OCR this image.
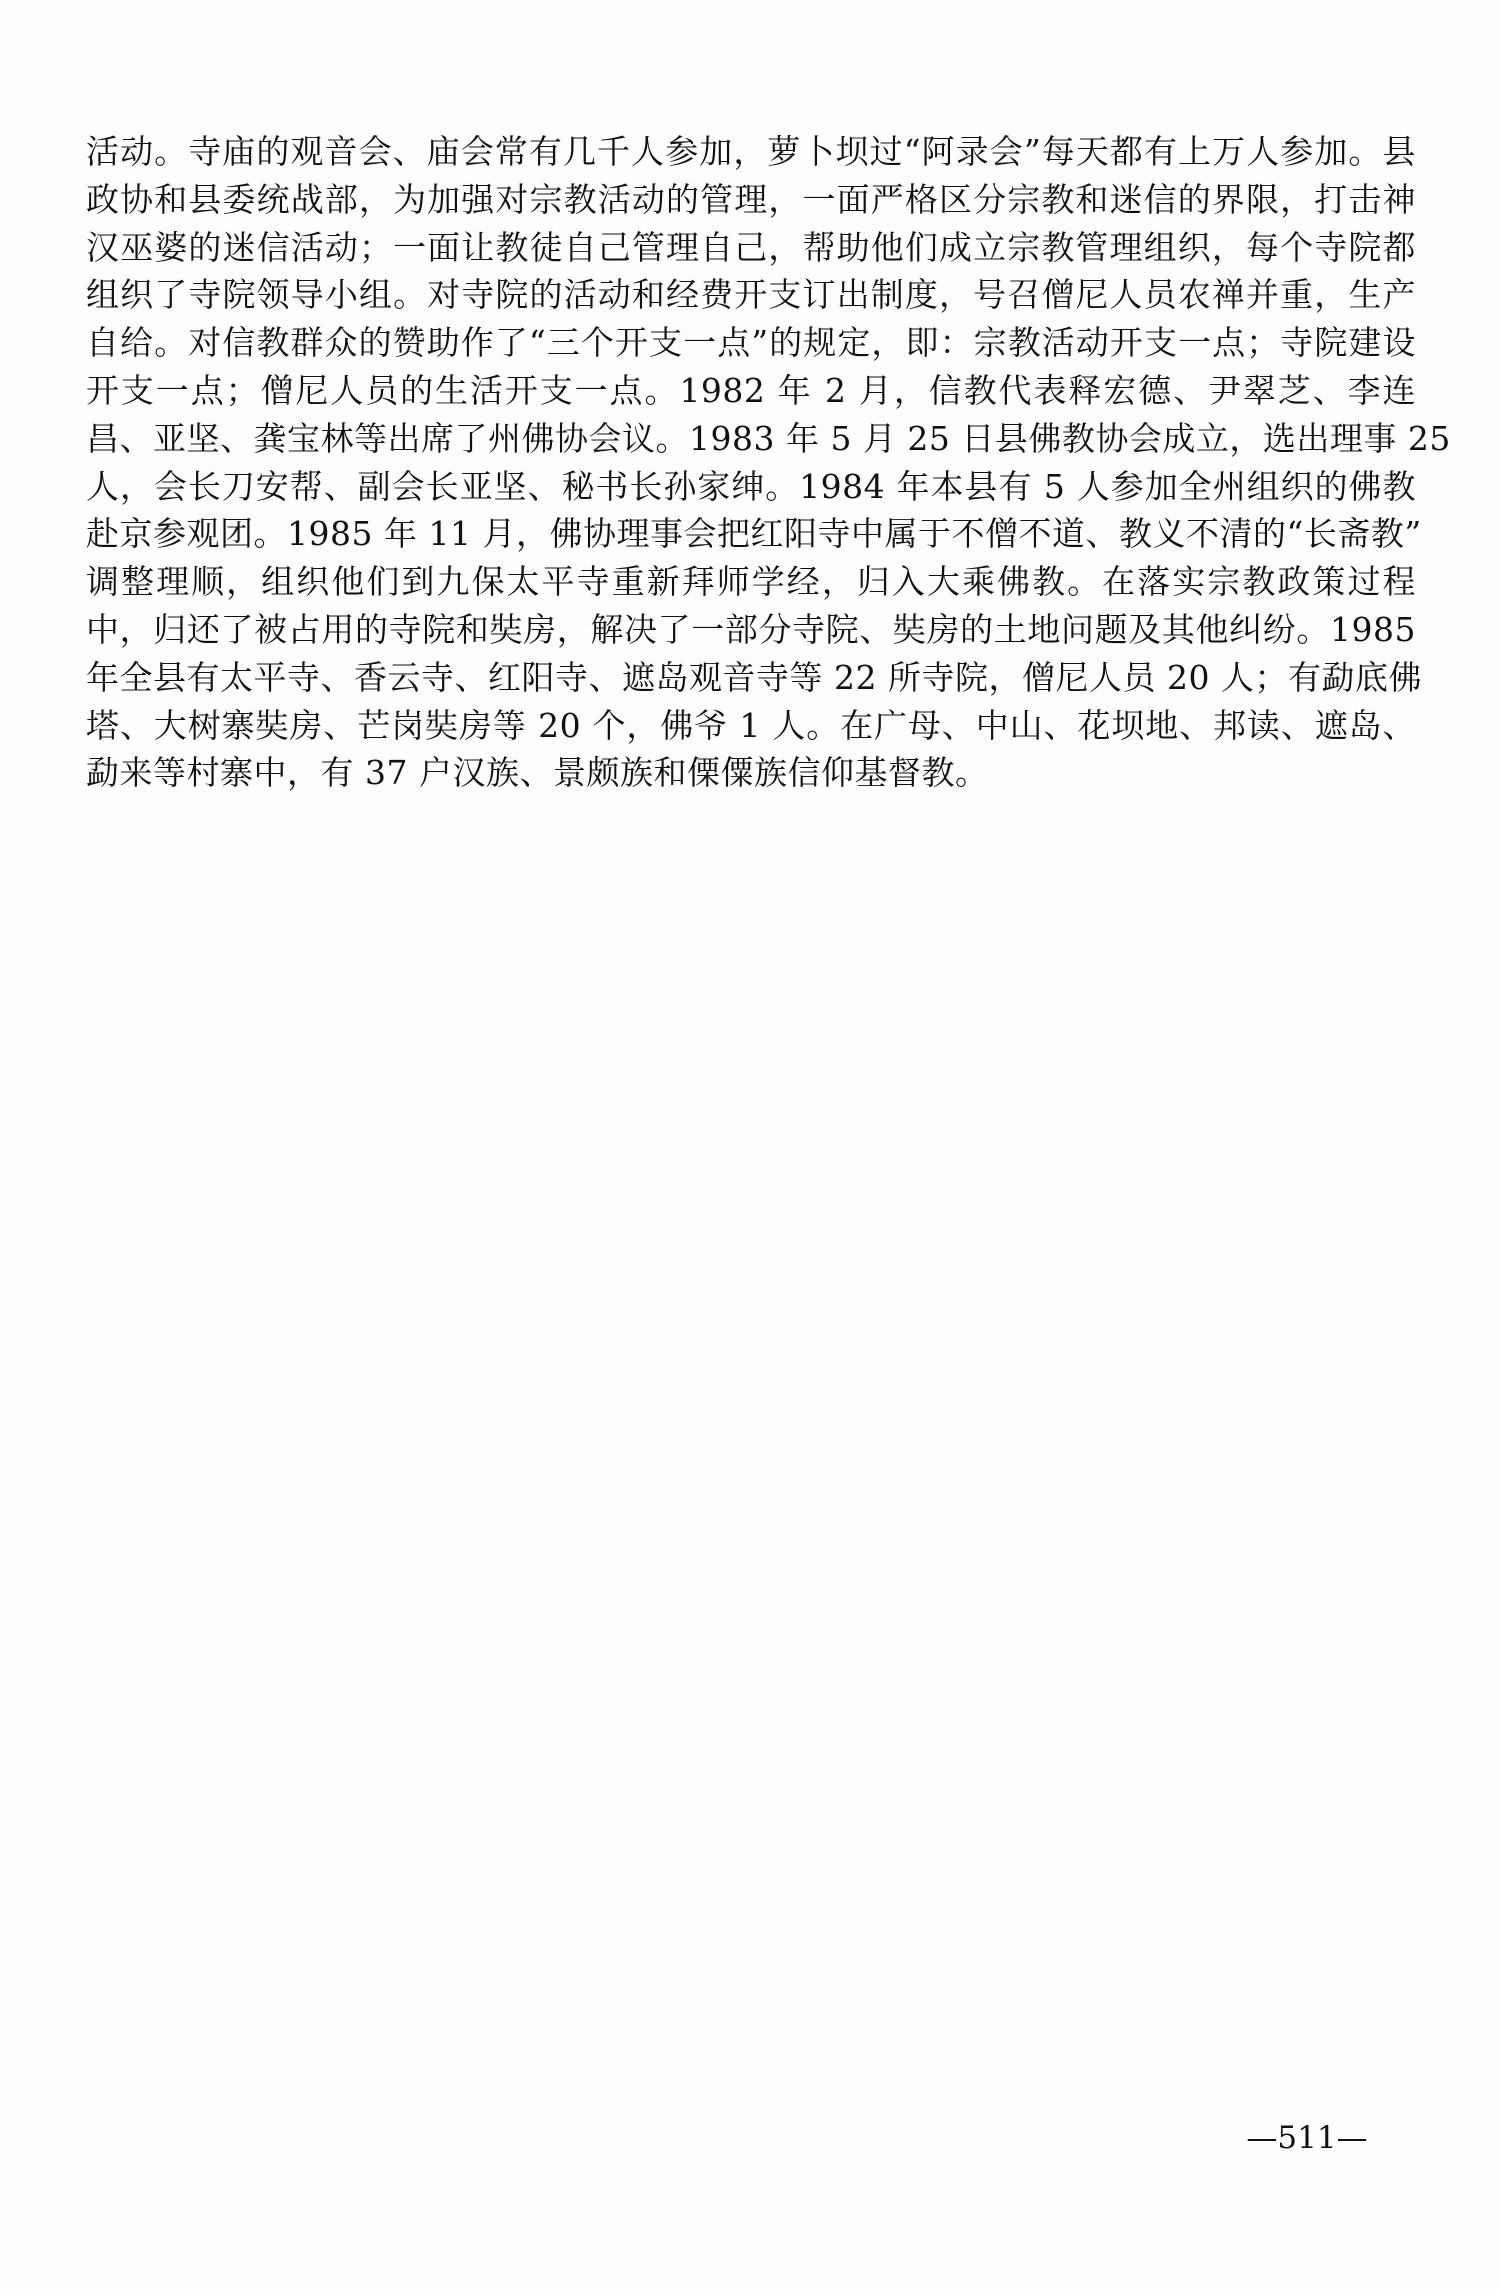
活动。寺庙的观音会、庙会常有几千人参加，萝卜坝过“阿录会”每天都有上万人参加。县
政协和县委统战部，为加强对宗教活动的管理，一面严格区分宗教和迷信的界限，打击神
汉巫婆的迷信活动；一面让教徒自己管理自己，帮助他们成立宗教管理组织，每个寺院都
组织了寺院领导小组。对寺院的活动和经费开支订出制度，号召僧尼人员农禅并重，生产
自给。对信教群众的赞助作了“三个开支一点”的规定，即：宗教活动开支一点；寺院建设
开支一点；僧尼人员的生活开支一点。1982 年 2 月，信教代表释宏德、尹翠芝、李连
昌、亚坚、龚宝林等出席了州佛协会议。1983 年 5 月 25 日县佛教协会成立，选出理事 25
人，会长刀安帮、副会长亚坚、秘书长孙家绅。1984 年本县有 5 人参加全州组织的佛教
赴京参观团。1985 年 11 月，佛协理事会把红阳寺中属于不僧不道、教义不清的“长斋教”
调整理顺，组织他们到九保太平寺重新拜师学经，归入大乘佛教。在落实宗教政策过程
中，归还了被占用的寺院和奘房，解决了一部分寺院、奘房的土地问题及其他纠纷。1985
年全县有太平寺、香云寺、红阳寺、遮岛观音寺等 22 所寺院，僧尼人员 20 人；有勐底佛
塔、大树寨奘房、芒岗奘房等 20 个，佛爷 1 人。在广母、中山、花坝地、邦读、遮岛、
勐来等村寨中，有 37 户汉族、景颇族和傈僳族信仰基督教。
—511—
